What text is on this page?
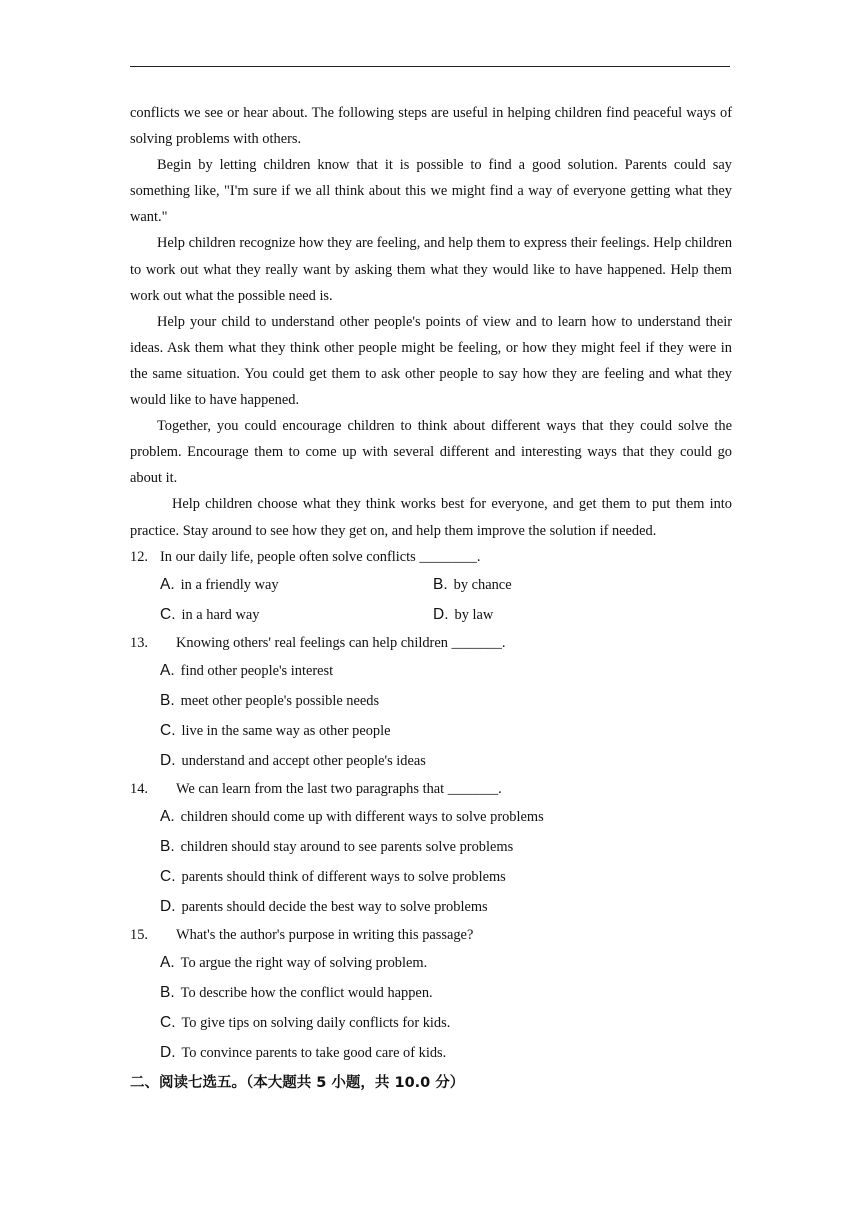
conflicts we see or hear about. The following steps are useful in helping children find peaceful ways of solving problems with others.

Begin by letting children know that it is possible to find a good solution. Parents could say something like, "I'm sure if we all think about this we might find a way of everyone getting what they want."

Help children recognize how they are feeling, and help them to express their feelings. Help children to work out what they really want by asking them what they would like to have happened. Help them work out what the possible need is.

Help your child to understand other people's points of view and to learn how to understand their ideas. Ask them what they think other people might be feeling, or how they might feel if they were in the same situation. You could get them to ask other people to say how they are feeling and what they would like to have happened.

Together, you could encourage children to think about different ways that they could solve the problem. Encourage them to come up with several different and interesting ways that they could go about it.

Help children choose what they think works best for everyone, and get them to put them into practice. Stay around to see how they get on, and help them improve the solution if needed.

12. In our daily life, people often solve conflicts ________.
A. in a friendly way	B. by chance
C. in a hard way	D. by law
13.	Knowing others' real feelings can help children _______.
A. find other people's interest
B. meet other people's possible needs
C. live in the same way as other people
D. understand and accept other people's ideas
14.	We can learn from the last two paragraphs that _______.
A. children should come up with different ways to solve problems
B. children should stay around to see parents solve problems
C. parents should think of different ways to solve problems
D. parents should decide the best way to solve problems
15.	What's the author's purpose in writing this passage?
A. To argue the right way of solving problem.
B. To describe how the conflict would happen.
C. To give tips on solving daily conflicts for kids.
D. To convince parents to take good care of kids.
二、阅读七选五。（本大题共 5 小题，共 10.0 分）
